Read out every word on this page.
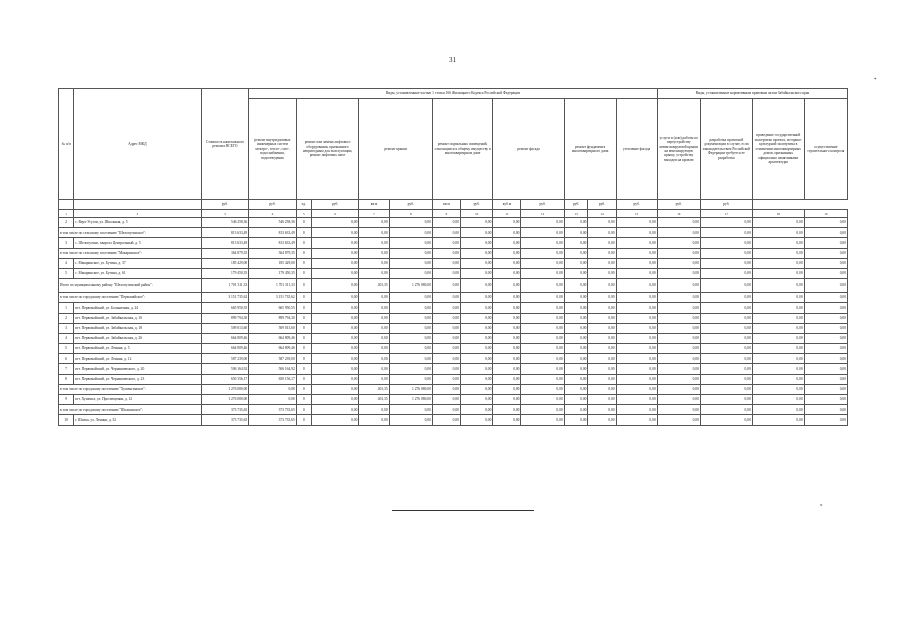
31
*
№ п/п	Адрес МКД	Стоимость капитального ремонта ВСЕГО	Виды, установленные частью 1 статьи 166 Жилищного Кодекса Российской Федерации												Виды, установленные нормативным правовым актом Забайкальского края			
			ремонт внутридомовых инженерных систем электро-, тепло-, газо-, водоснабжения, водоотведения	ремонт или замена лифтового оборудования, признанного непригодным для эксплуатации, ремонт лифтовых шахт		ремонт крыши		ремонт подвальных помещений, относящихся к общему имуществу в многоквартирном доме		ремонт фасада		ремонт фундамента многоквартирного дома		утепление фасада	услуги и (или) работы по переустройству невентилируемой крыши на вентилируемую крышу, устройству выходов на кровлю	разработка проектной документации в случае, если законодательством Российской Федерации требуется ее разработка	проведение государственной экспертизы проекта, историко-культурной экспертизы в отношении многоквартирных домов, признанных официально памятниками архитектуры	осуществление строительного контроля
		руб.	руб.	ед.	руб.	кв.м	руб.	кв.м	руб.	куб.м	руб.	руб.	руб.	руб.	руб.	руб.		
1	2	3	4	5	6	7	8	9	10	11	12	13	14	15	16	17	18	19
2	с. Верх-Усугли, ул. Школьная, д. 5	546 258,36	546 258,36	0	0,00	0,00	0,00	0,00	0,00	0,00	0,00	0,00	0,00	0,00	0,00	0,00	0,00	0,00
в том числе по сельскому поселению "Шелопугинское":		813 633,49	813 633,49	0	0,00	0,00	0,00	0,00	0,00	0,00	0,00	0,00	0,00	0,00	0,00	0,00	0,00	0,00
3	с. Шелопугино, квартал Центральный, д. 5	813 633,49	813 633,49	0	0,00	0,00	0,00	0,00	0,00	0,00	0,00	0,00	0,00	0,00	0,00	0,00	0,00	0,00
в том числе по сельскому поселению "Макаринское":		364 879,35	364 879,35	0	0,00	0,00	0,00	0,00	0,00	0,00	0,00	0,00	0,00	0,00	0,00	0,00	0,00	0,00
4	с. Макаринское, ул. Бутина, д. 37	185 429,00	185 429,00	0	0,00	0,00	0,00	0,00	0,00	0,00	0,00	0,00	0,00	0,00	0,00	0,00	0,00	0,00
5	с. Макаринское, ул. Бутина, д. 61	179 450,35	179 450,35	0	0,00	0,00	0,00	0,00	0,00	0,00	0,00	0,00	0,00	0,00	0,00	0,00	0,00	0,00
Итого по муниципальному району "Шелопугинский район":		1 701 311,33	1 701 311,33	0	0,00	401,35	1 276 080,00	0,00	0,00	0,00	0,00	0,00	0,00	0,00	0,00	0,00	0,00	0,00
в том числе по городскому поселению "Первомайское":		3 151 735,62	3 151 735,62	0	0,00	0,00	0,00	0,00	0,00	0,00	0,00	0,00	0,00	0,00	0,00	0,00	0,00	0,00
1	пгт. Первомайский, ул. Больничная, д. 24	665 950,55	665 950,55	0	0,00	0,00	0,00	0,00	0,00	0,00	0,00	0,00	0,00	0,00	0,00	0,00	0,00	0,00
2	пгт. Первомайский, ул. Забайкальская, д. 16	899 794,30	899 794,30	0	0,00	0,00	0,00	0,00	0,00	0,00	0,00	0,00	0,00	0,00	0,00	0,00	0,00	0,00
3	пгт. Первомайский, ул. Забайкальская, д. 18	509 013,60	509 013,60	0	0,00	0,00	0,00	0,00	0,00	0,00	0,00	0,00	0,00	0,00	0,00	0,00	0,00	0,00
4	пгт. Первомайский, ул. Забайкальская, д. 26	664 809,46	664 809,46	0	0,00	0,00	0,00	0,00	0,00	0,00	0,00	0,00	0,00	0,00	0,00	0,00	0,00	0,00
5	пгт. Первомайский, ул. Ленина, д. 5	664 809,46	664 809,46	0	0,00	0,00	0,00	0,00	0,00	0,00	0,00	0,00	0,00	0,00	0,00	0,00	0,00	0,00
6	пгт. Первомайский, ул. Ленина, д. 12	587 239,00	587 239,00	0	0,00	0,00	0,00	0,00	0,00	0,00	0,00	0,00	0,00	0,00	0,00	0,00	0,00	0,00
7	пгт. Первомайский, ул. Чернышевского, д. 20	506 164,92	506 164,92	0	0,00	0,00	0,00	0,00	0,00	0,00	0,00	0,00	0,00	0,00	0,00	0,00	0,00	0,00
8	пгт. Первомайский, ул. Чернышевского, д. 23	650 156,17	650 156,17	0	0,00	0,00	0,00	0,00	0,00	0,00	0,00	0,00	0,00	0,00	0,00	0,00	0,00	0,00
в том числе по городскому поселению "Хушенгинское":		1 276 080,00	0,00	0	0,00	401,35	1 276 080,00	0,00	0,00	0,00	0,00	0,00	0,00	0,00	0,00	0,00	0,00	0,00
9	пгт. Хушенга, ул. Просвещения, д. 12	1 276 080,00	0,00	0	0,00	401,35	1 276 080,00	0,00	0,00	0,00	0,00	0,00	0,00	0,00	0,00	0,00	0,00	0,00
в том числе по городскому поселению "Шилкинское":		373 735,65	373 735,65	0	0,00	0,00	0,00	0,00	0,00	0,00	0,00	0,00	0,00	0,00	0,00	0,00	0,00	0,00
10	г. Шилка, ул. Ленина, д. 52	373 735,65	373 735,65	0	0,00	0,00	0,00	0,00	0,00	0,00	0,00	0,00	0,00	0,00	0,00	0,00	0,00	0,00
»
